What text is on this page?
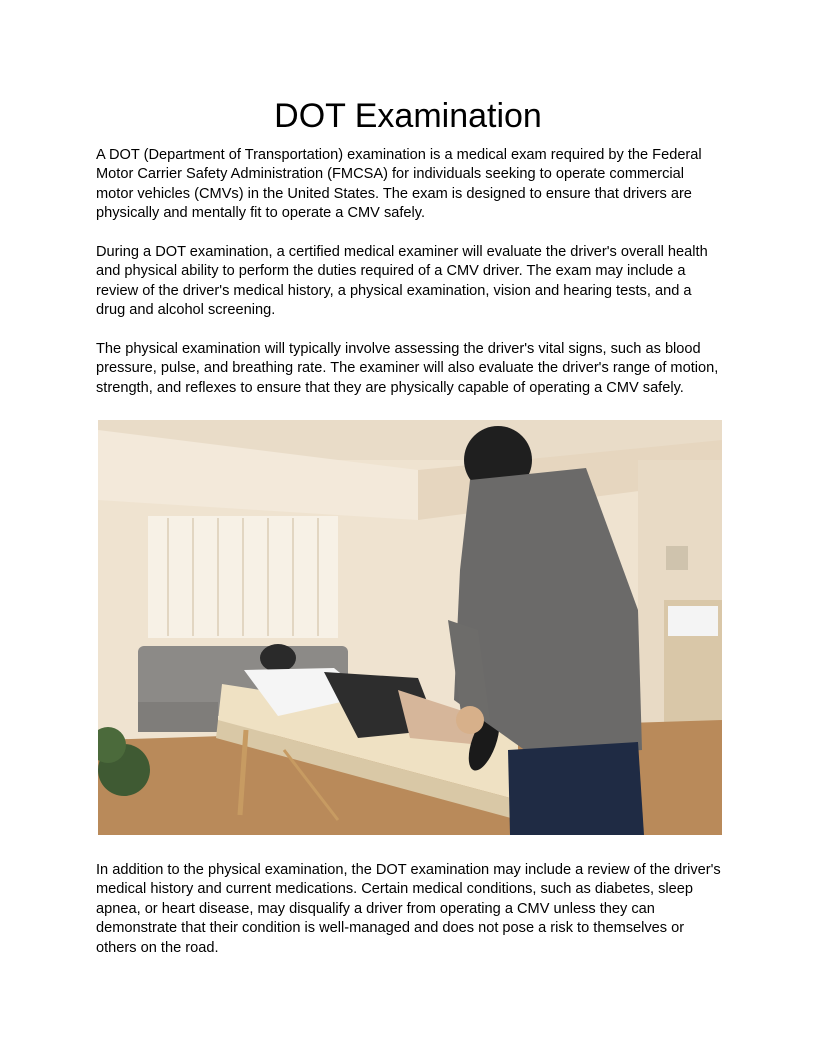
DOT Examination

A DOT (Department of Transportation) examination is a medical exam required by the Federal Motor Carrier Safety Administration (FMCSA) for individuals seeking to operate commercial motor vehicles (CMVs) in the United States. The exam is designed to ensure that drivers are physically and mentally fit to operate a CMV safely.

During a DOT examination, a certified medical examiner will evaluate the driver's overall health and physical ability to perform the duties required of a CMV driver. The exam may include a review of the driver's medical history, a physical examination, vision and hearing tests, and a drug and alcohol screening.

The physical examination will typically involve assessing the driver's vital signs, such as blood pressure, pulse, and breathing rate. The examiner will also evaluate the driver's range of motion, strength, and reflexes to ensure that they are physically capable of operating a CMV safely.

In addition to the physical examination, the DOT examination may include a review of the driver's medical history and current medications. Certain medical conditions, such as diabetes, sleep apnea, or heart disease, may disqualify a driver from operating a CMV unless they can demonstrate that their condition is well-managed and does not pose a risk to themselves or others on the road.
